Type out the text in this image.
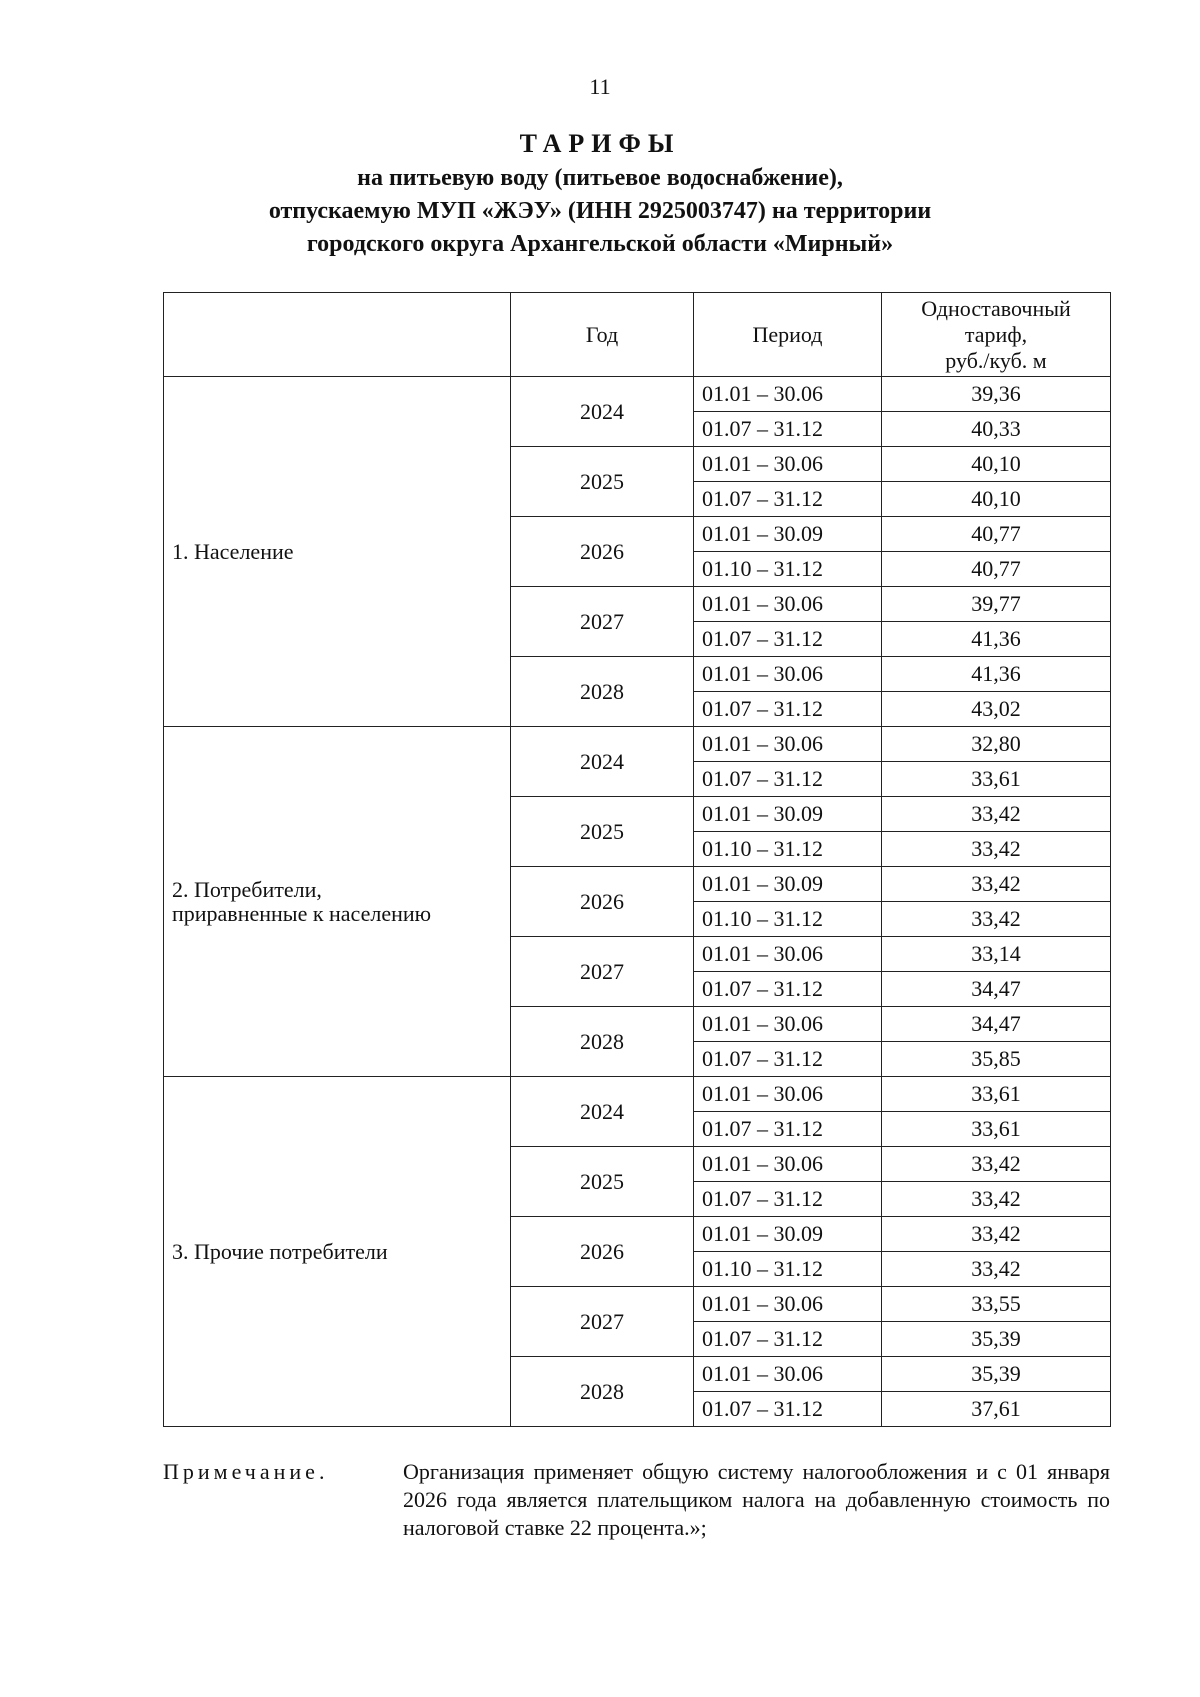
11
ТАРИФЫ
на питьевую воду (питьевое водоснабжение),
отпускаемую МУП «ЖЭУ» (ИНН 2925003747) на территории
городского округа Архангельской области «Мирный»
	Год	Период	Одноставочный
тариф,
руб./куб. м
1. Население	2024	01.01 – 30.06	39,36
		01.07 – 31.12	40,33
	2025	01.01 – 30.06	40,10
		01.07 – 31.12	40,10
	2026	01.01 – 30.09	40,77
		01.10 – 31.12	40,77
	2027	01.01 – 30.06	39,77
		01.07 – 31.12	41,36
	2028	01.01 – 30.06	41,36
		01.07 – 31.12	43,02
2. Потребители,
приравненные к населению	2024	01.01 – 30.06	32,80
		01.07 – 31.12	33,61
	2025	01.01 – 30.09	33,42
		01.10 – 31.12	33,42
	2026	01.01 – 30.09	33,42
		01.10 – 31.12	33,42
	2027	01.01 – 30.06	33,14
		01.07 – 31.12	34,47
	2028	01.01 – 30.06	34,47
		01.07 – 31.12	35,85
3. Прочие потребители	2024	01.01 – 30.06	33,61
		01.07 – 31.12	33,61
	2025	01.01 – 30.06	33,42
		01.07 – 31.12	33,42
	2026	01.01 – 30.09	33,42
		01.10 – 31.12	33,42
	2027	01.01 – 30.06	33,55
		01.07 – 31.12	35,39
	2028	01.01 – 30.06	35,39
		01.07 – 31.12	37,61
Примечание.	Организация применяет общую систему налогообложения и с 01 января 2026 года является плательщиком налога на добавленную стоимость по налоговой ставке 22 процента.»;
